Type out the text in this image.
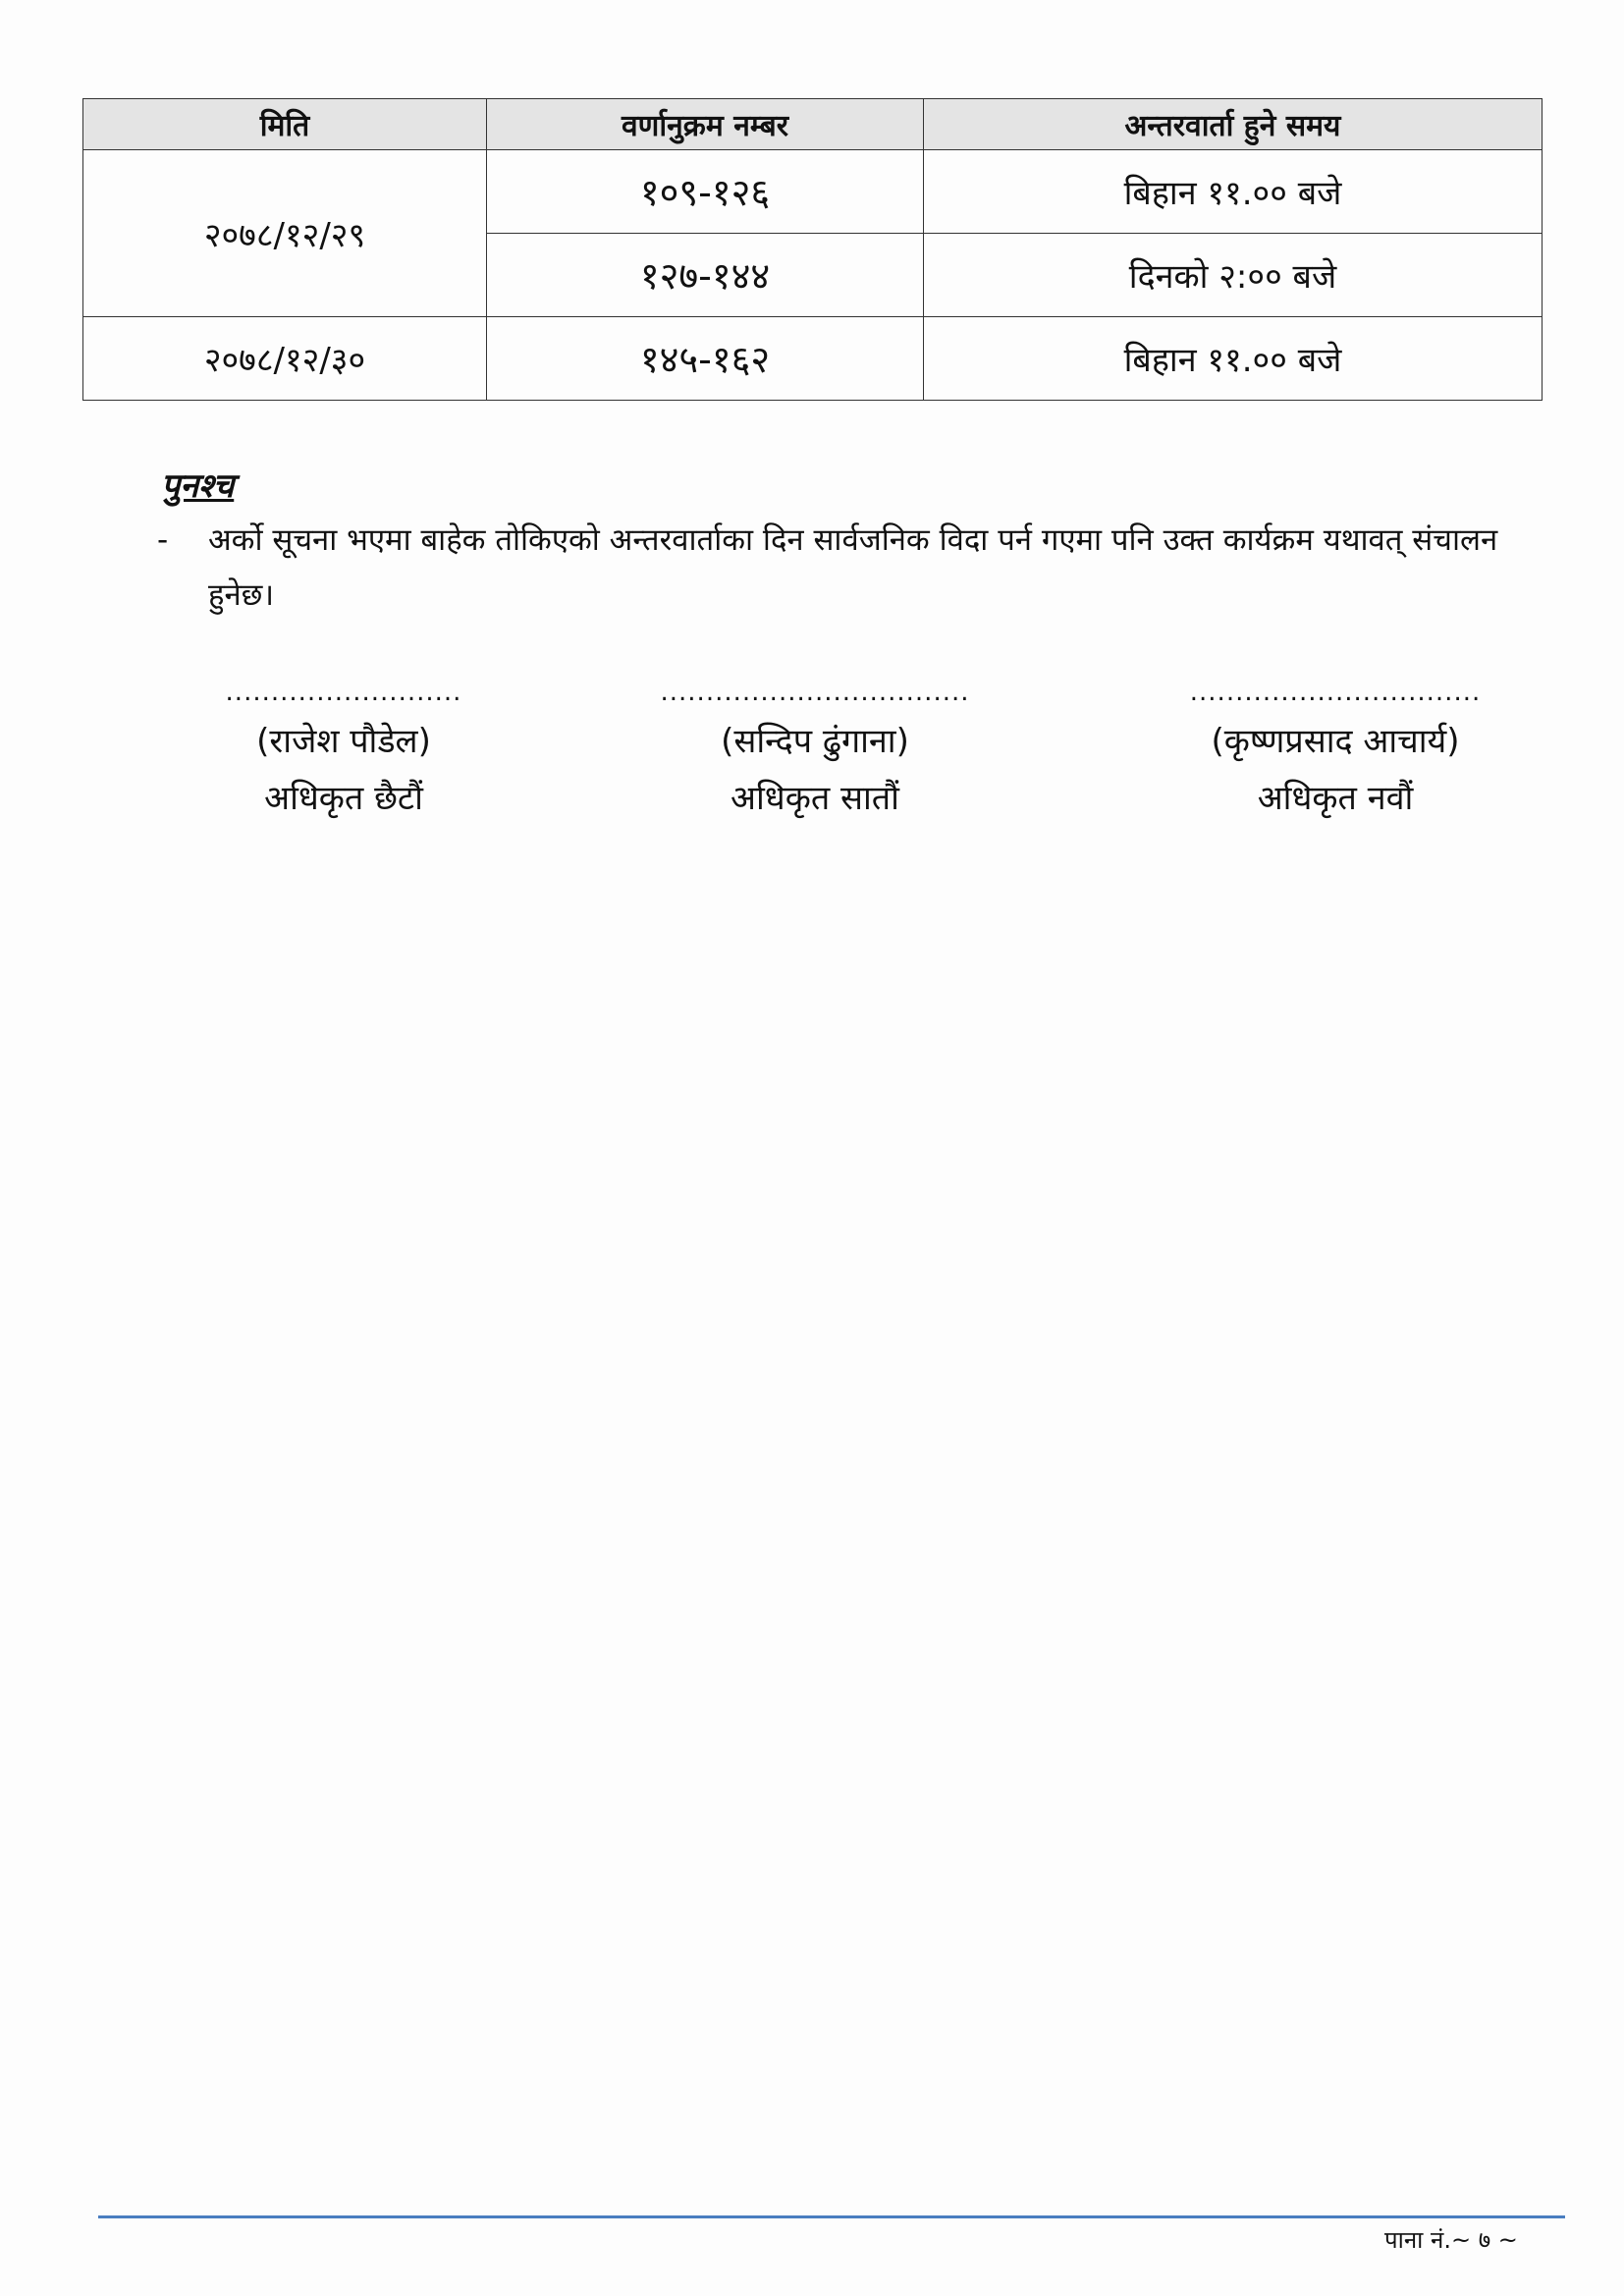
मिति	वर्णानुक्रम नम्बर	अन्तरवार्ता हुने समय
२०७८/१२/२९	१०९-१२६	बिहान ११.०० बजे
	१२७-१४४	दिनको २:०० बजे
२०७८/१२/३०	१४५-१६२	बिहान ११.०० बजे
पुनश्च
- अर्को सूचना भएमा बाहेक तोकिएको अन्तरवार्ताका दिन सार्वजनिक विदा पर्न गएमा पनि उक्त कार्यक्रम यथावत् संचालन हुनेछ।
..........................
(राजेश पौडेल)
अधिकृत छैटौं
..................................
(सन्दिप ढुंगाना)
अधिकृत सातौं
................................
(कृष्णप्रसाद आचार्य)
अधिकृत नवौं
पाना नं.~ ७ ~
